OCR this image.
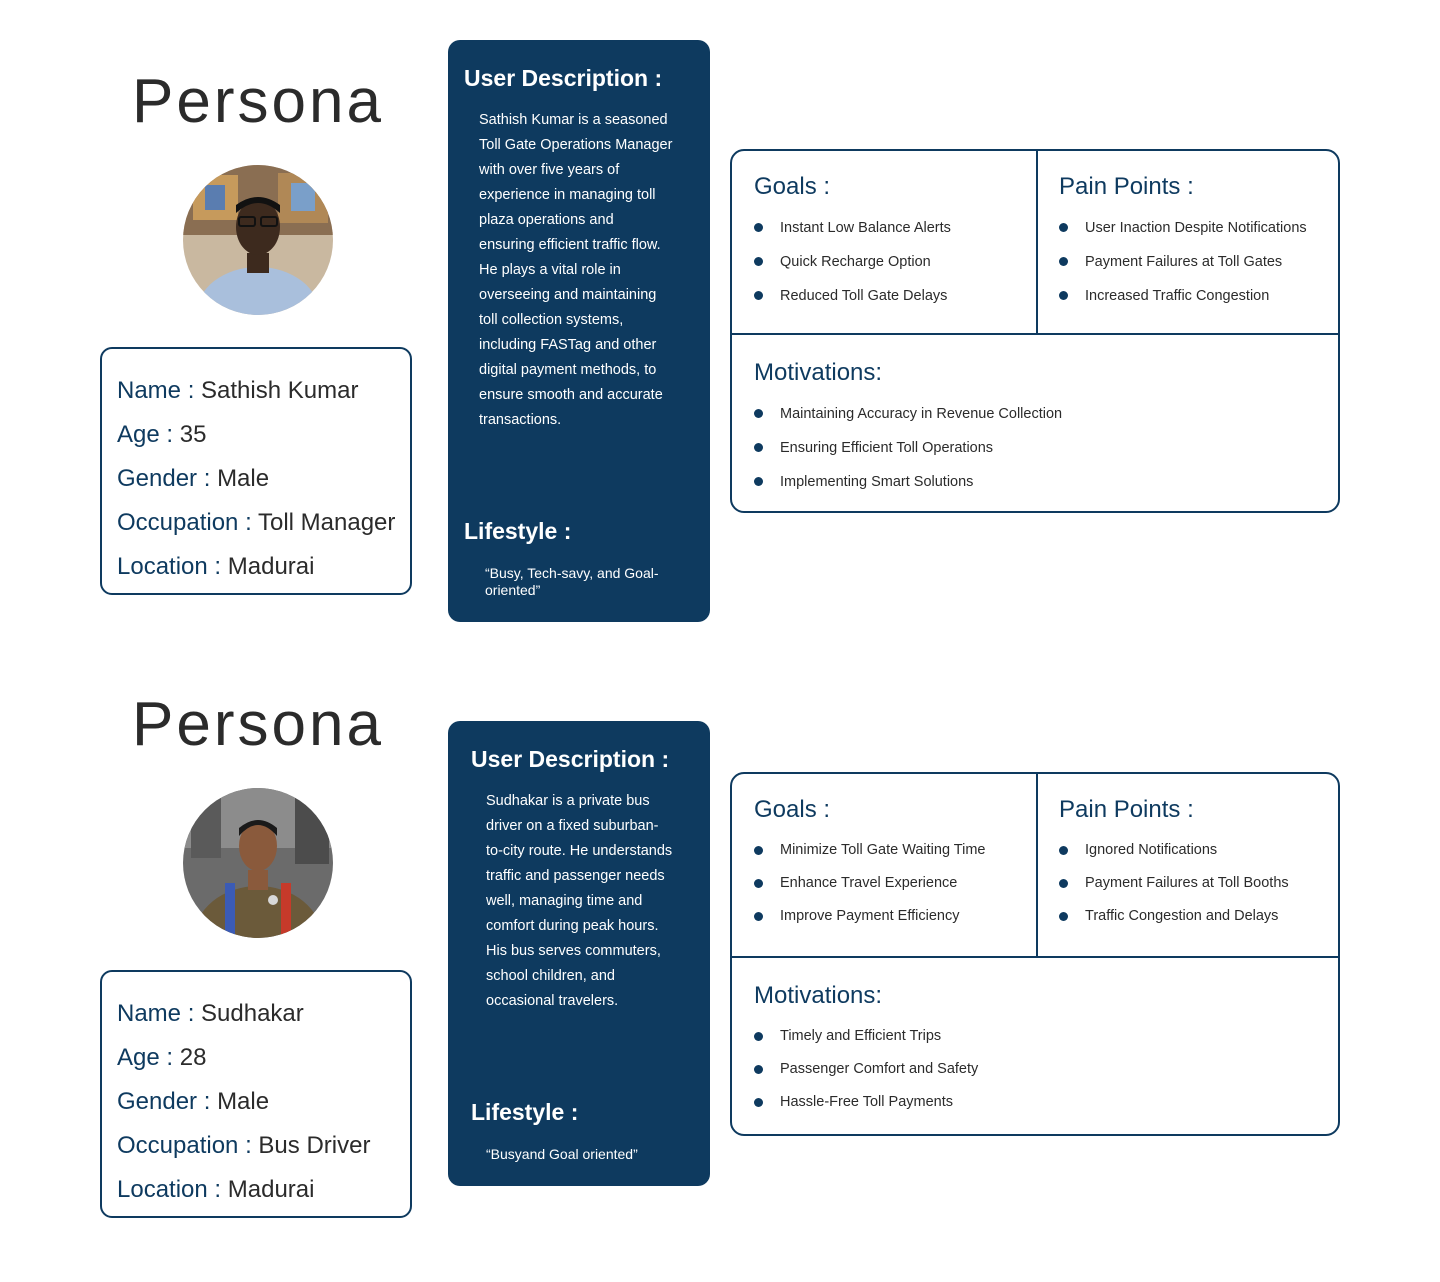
Persona
Name : Sathish Kumar
Age : 35
Gender : Male
Occupation : Toll Manager
Location : Madurai
User Description :
Sathish Kumar is a seasoned
Toll Gate Operations Manager
with over five years of
experience in managing toll
plaza operations and
ensuring efficient traffic flow.
He plays a vital role in
overseeing and maintaining
toll collection systems,
including FASTag and other
digital payment methods, to
ensure smooth and accurate
transactions.
Lifestyle :
“Busy, Tech-savy, and Goal-
oriented”
Goals :
Instant Low Balance Alerts
Quick Recharge Option
Reduced Toll Gate Delays
Pain Points :
User Inaction Despite Notifications
Payment Failures at Toll Gates
Increased Traffic Congestion
Motivations:
Maintaining Accuracy in Revenue Collection
Ensuring Efficient Toll Operations
Implementing Smart Solutions
Persona
Name : Sudhakar
Age : 28
Gender : Male
Occupation : Bus Driver
Location : Madurai
User Description :
Sudhakar is a private bus
driver on a fixed suburban-
to-city route. He understands
traffic and passenger needs
well, managing time and
comfort during peak hours.
His bus serves commuters,
school children, and
occasional travelers.
Lifestyle :
“Busyand Goal oriented”
Goals :
Minimize Toll Gate Waiting Time
Enhance Travel Experience
Improve Payment Efficiency
Pain Points :
Ignored Notifications
Payment Failures at Toll Booths
Traffic Congestion and Delays
Motivations:
Timely and Efficient Trips
Passenger Comfort and Safety
Hassle-Free Toll Payments
